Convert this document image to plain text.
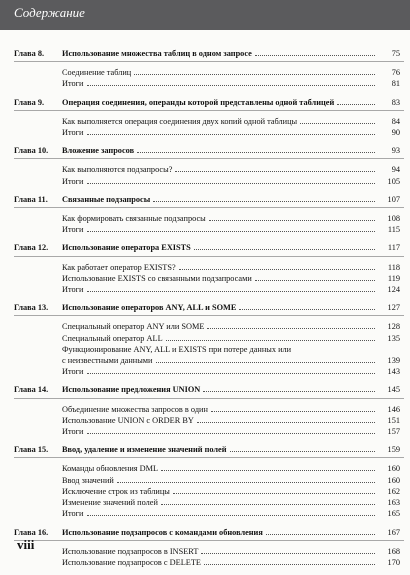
Содержание
Глава 8.	Использование множества таблиц в одном запросе	75
Соединение таблиц	76
Итоги	81
Глава 9.	Операция соединения, операнды которой представлены одной таблицей	83
Как выполняется операция соединения двух копий одной таблицы	84
Итоги	90
Глава 10.	Вложение запросов	93
Как выполняются подзапросы?	94
Итоги	105
Глава 11.	Связанные подзапросы	107
Как формировать связанные подзапросы	108
Итоги	115
Глава 12.	Использование оператора EXISTS	117
Как работает оператор EXISTS?	118
Использование EXISTS со связанными подзапросами	119
Итоги	124
Глава 13.	Использование операторов ANY, ALL и SOME	127
Специальный оператор ANY или SOME	128
Специальный оператор ALL	135
Функционирование ANY, ALL и EXISTS при потере данных или
с неизвестными данными	139
Итоги	143
Глава 14.	Использование предложения UNION	145
Объединение множества запросов в один	146
Использование UNION с ORDER BY	151
Итоги	157
Глава 15.	Ввод, удаление и изменение значений полей	159
Команды обновления DML	160
Ввод значений	160
Исключение строк из таблицы	162
Изменение значений полей	163
Итоги	165
Глава 16.	Использование подзапросов с командами обновления	167
Использование подзапросов в INSERT	168
Использование подзапросов с DELETE	170
viii
